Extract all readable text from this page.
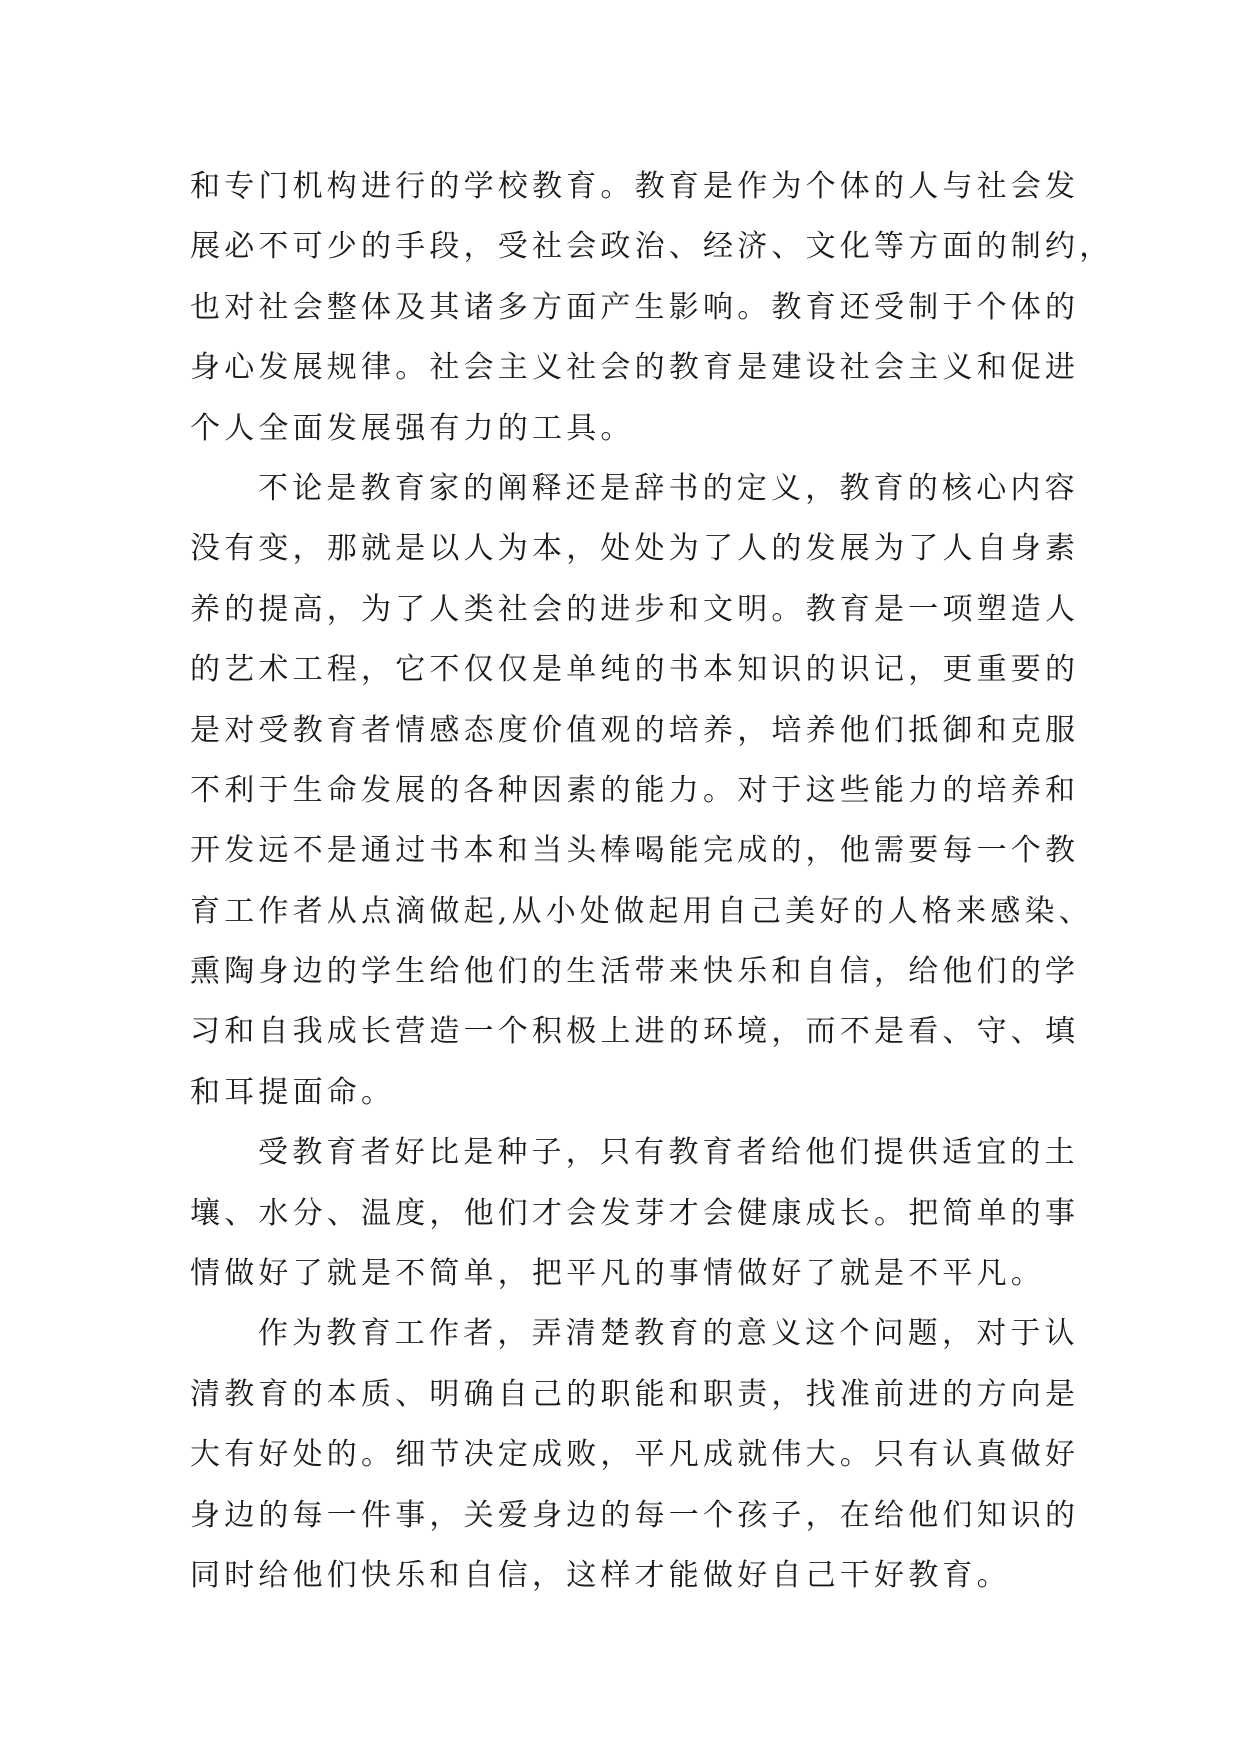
和专门机构进行的学校教育。教育是作为个体的人与社会发
展必不可少的手段，受社会政治、经济、文化等方面的制约，
也对社会整体及其诸多方面产生影响。教育还受制于个体的
身心发展规律。社会主义社会的教育是建设社会主义和促进
个人全面发展强有力的工具。
不论是教育家的阐释还是辞书的定义，教育的核心内容
没有变，那就是以人为本，处处为了人的发展为了人自身素
养的提高，为了人类社会的进步和文明。教育是一项塑造人
的艺术工程，它不仅仅是单纯的书本知识的识记，更重要的
是对受教育者情感态度价值观的培养，培养他们抵御和克服
不利于生命发展的各种因素的能力。对于这些能力的培养和
开发远不是通过书本和当头棒喝能完成的，他需要每一个教
育工作者从点滴做起,从小处做起用自己美好的人格来感染、
熏陶身边的学生给他们的生活带来快乐和自信，给他们的学
习和自我成长营造一个积极上进的环境，而不是看、守、填
和耳提面命。
受教育者好比是种子，只有教育者给他们提供适宜的土
壤、水分、温度，他们才会发芽才会健康成长。把简单的事
情做好了就是不简单，把平凡的事情做好了就是不平凡。
作为教育工作者，弄清楚教育的意义这个问题，对于认
清教育的本质、明确自己的职能和职责，找准前进的方向是
大有好处的。细节决定成败，平凡成就伟大。只有认真做好
身边的每一件事，关爱身边的每一个孩子，在给他们知识的
同时给他们快乐和自信，这样才能做好自己干好教育。
